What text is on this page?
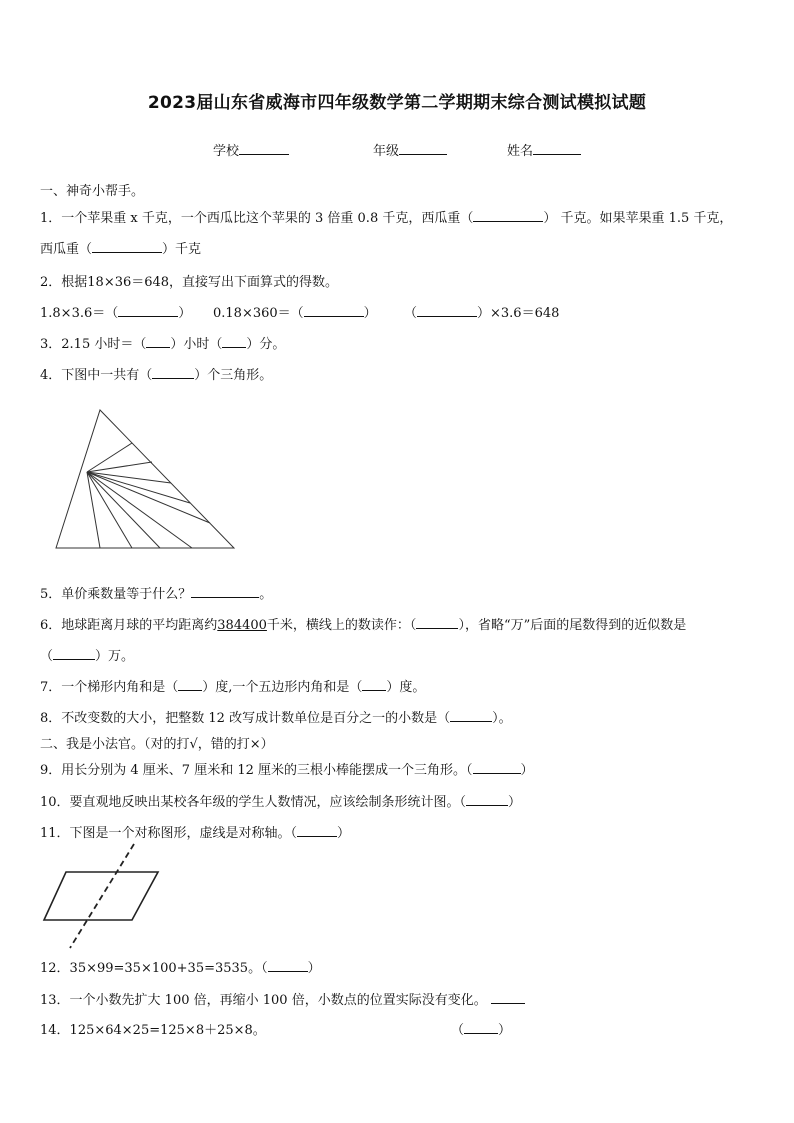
2023届山东省威海市四年级数学第二学期期末综合测试模拟试题
学校	年级	姓名
一、神奇小帮手。
1．一个苹果重 x 千克，一个西瓜比这个苹果的 3 倍重 0.8 千克，西瓜重（	） 千克。如果苹果重 1.5 千克，
西瓜重（	）千克
2．根据18×36＝648，直接写出下面算式的得数。
1.8×3.6＝（	） 0.18×360＝（	） （	）×3.6＝648
3．2.15 小时＝（ ）小时（ ）分。
4．下图中一共有（	）个三角形。
5．单价乘数量等于什么？	。
6．地球距离月球的平均距离约384400千米，横线上的数读作：（	），省略“万”后面的尾数得到的近似数是
（	）万。
7．一个梯形内角和是（ ）度,一个五边形内角和是（ ）度。
8．不改变数的大小，把整数 12 改写成计数单位是百分之一的小数是（	）。
二、我是小法官。（对的打√，错的打×）
9．用长分别为 4 厘米、7 厘米和 12 厘米的三根小棒能摆成一个三角形。（	）
10．要直观地反映出某校各年级的学生人数情况，应该绘制条形统计图。（	）
11．下图是一个对称图形，虚线是对称轴。（	）
12．35×99=35×100+35=3535。（	）
13．一个小数先扩大 100 倍，再缩小 100 倍，小数点的位置实际没有变化。
14．125×64×25=125×8＋25×8。	（	）
